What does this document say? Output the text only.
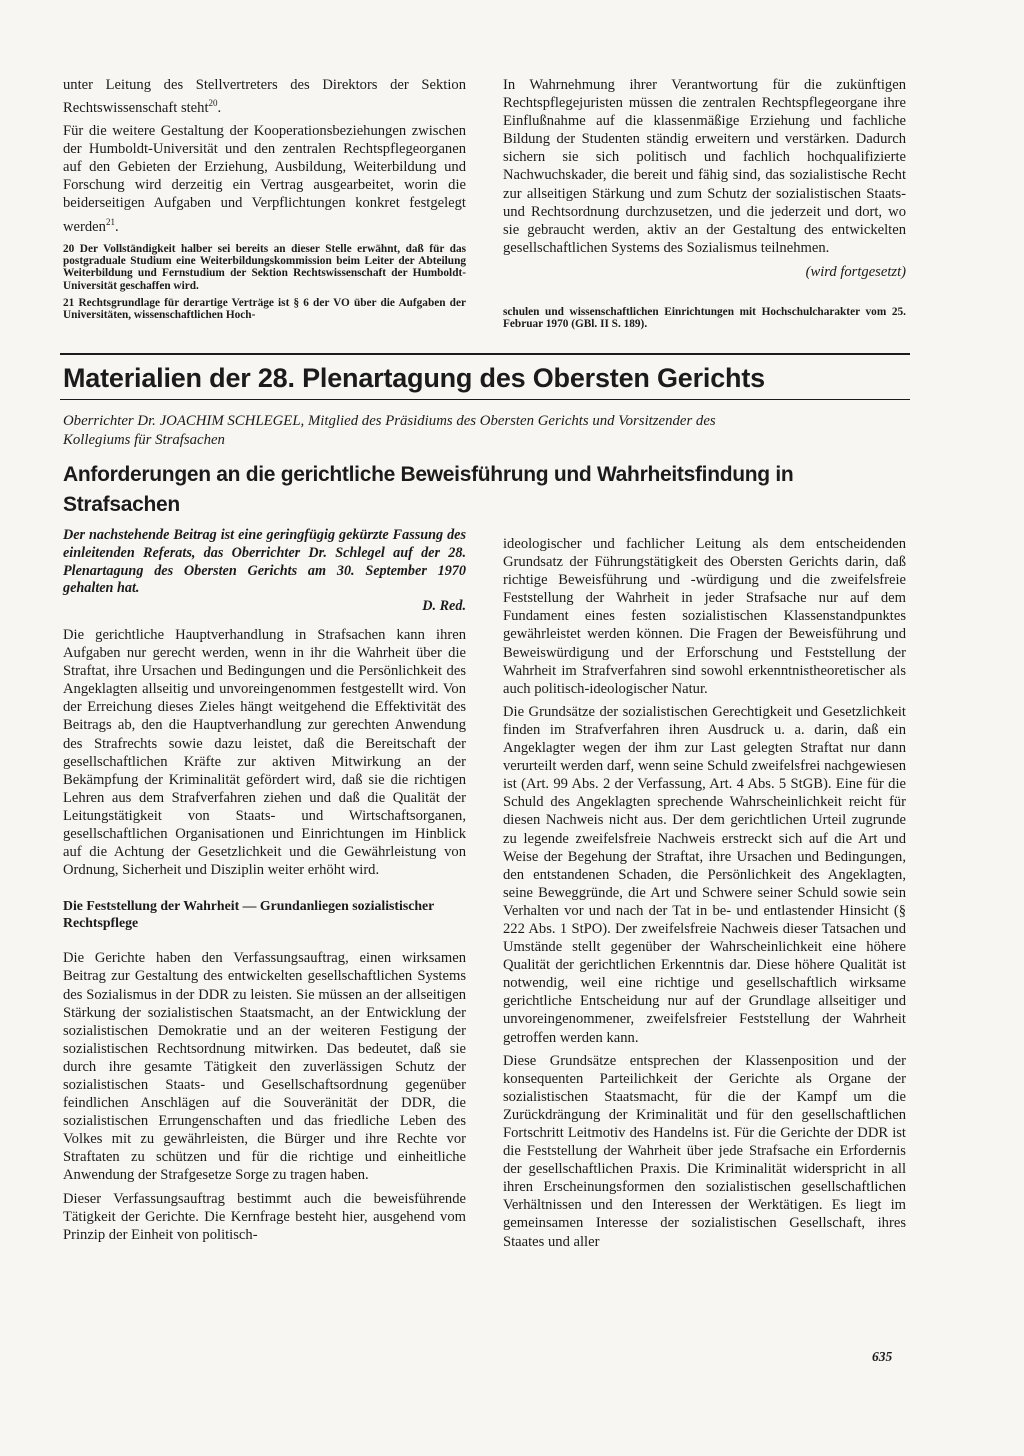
unter Leitung des Stellvertreters des Direktors der Sektion Rechtswissenschaft steht$^{20}$.

Für die weitere Gestaltung der Kooperationsbeziehungen zwischen der Humboldt-Universität und den zentralen Rechtspflegeorganen auf den Gebieten der Erziehung, Ausbildung, Weiterbildung und Forschung wird derzeitig ein Vertrag ausgearbeitet, worin die beiderseitigen Aufgaben und Verpflichtungen konkret festgelegt werden$^{21}$.

20 Der Vollständigkeit halber sei bereits an dieser Stelle erwähnt, daß für das postgraduale Studium eine Weiterbildungskommission beim Leiter der Abteilung Weiterbildung und Fernstudium der Sektion Rechtswissenschaft der Humboldt-Universität geschaffen wird.

21 Rechtsgrundlage für derartige Verträge ist § 6 der VO über die Aufgaben der Universitäten, wissenschaftlichen Hoch-

In Wahrnehmung ihrer Verantwortung für die zukünftigen Rechtspflegejuristen müssen die zentralen Rechtspflegeorgane ihre Einflußnahme auf die klassenmäßige Erziehung und fachliche Bildung der Studenten ständig erweitern und verstärken. Dadurch sichern sie sich politisch und fachlich hochqualifizierte Nachwuchskader, die bereit und fähig sind, das sozialistische Recht zur allseitigen Stärkung und zum Schutz der sozialistischen Staats- und Rechtsordnung durchzusetzen, und die jederzeit und dort, wo sie gebraucht werden, aktiv an der Gestaltung des entwickelten gesellschaftlichen Systems des Sozialismus teilnehmen.

(wird fortgesetzt)

schulen und wissenschaftlichen Einrichtungen mit Hochschulcharakter vom 25. Februar 1970 (GBl. II S. 189).

Materialien der 28. Plenartagung des Obersten Gerichts
Oberrichter Dr. JOACHIM SCHLEGEL, Mitglied des Präsidiums des Obersten Gerichts und Vorsitzender des Kollegiums für Strafsachen
Anforderungen an die gerichtliche Beweisführung und Wahrheitsfindung in Strafsachen
Der nachstehende Beitrag ist eine geringfügig gekürzte Fassung des einleitenden Referats, das Oberrichter Dr. Schlegel auf der 28. Plenartagung des Obersten Gerichts am 30. September 1970 gehalten hat.
D. Red.

Die gerichtliche Hauptverhandlung in Strafsachen kann ihren Aufgaben nur gerecht werden, wenn in ihr die Wahrheit über die Straftat, ihre Ursachen und Bedingungen und die Persönlichkeit des Angeklagten allseitig und unvoreingenommen festgestellt wird. Von der Erreichung dieses Zieles hängt weitgehend die Effektivität des Beitrags ab, den die Hauptverhandlung zur gerechten Anwendung des Strafrechts sowie dazu leistet, daß die Bereitschaft der gesellschaftlichen Kräfte zur aktiven Mitwirkung an der Bekämpfung der Kriminalität gefördert wird, daß sie die richtigen Lehren aus dem Strafverfahren ziehen und daß die Qualität der Leitungstätigkeit von Staats- und Wirtschaftsorganen, gesellschaftlichen Organisationen und Einrichtungen im Hinblick auf die Achtung der Gesetzlichkeit und die Gewährleistung von Ordnung, Sicherheit und Disziplin weiter erhöht wird.

Die Feststellung der Wahrheit — Grundanliegen sozialistischer Rechtspflege

Die Gerichte haben den Verfassungsauftrag, einen wirksamen Beitrag zur Gestaltung des entwickelten gesellschaftlichen Systems des Sozialismus in der DDR zu leisten. Sie müssen an der allseitigen Stärkung der sozialistischen Staatsmacht, an der Entwicklung der sozialistischen Demokratie und an der weiteren Festigung der sozialistischen Rechtsordnung mitwirken. Das bedeutet, daß sie durch ihre gesamte Tätigkeit den zuverlässigen Schutz der sozialistischen Staats- und Gesellschaftsordnung gegenüber feindlichen Anschlägen auf die Souveränität der DDR, die sozialistischen Errungenschaften und das friedliche Leben des Volkes mit zu gewährleisten, die Bürger und ihre Rechte vor Straftaten zu schützen und für die richtige und einheitliche Anwendung der Strafgesetze Sorge zu tragen haben.

Dieser Verfassungsauftrag bestimmt auch die beweisführende Tätigkeit der Gerichte. Die Kernfrage besteht hier, ausgehend vom Prinzip der Einheit von politisch-

ideologischer und fachlicher Leitung als dem entscheidenden Grundsatz der Führungstätigkeit des Obersten Gerichts darin, daß richtige Beweisführung und -würdigung und die zweifelsfreie Feststellung der Wahrheit in jeder Strafsache nur auf dem Fundament eines festen sozialistischen Klassenstandpunktes gewährleistet werden können. Die Fragen der Beweisführung und Beweiswürdigung und der Erforschung und Feststellung der Wahrheit im Strafverfahren sind sowohl erkenntnistheoretischer als auch politisch-ideologischer Natur.

Die Grundsätze der sozialistischen Gerechtigkeit und Gesetzlichkeit finden im Strafverfahren ihren Ausdruck u. a. darin, daß ein Angeklagter wegen der ihm zur Last gelegten Straftat nur dann verurteilt werden darf, wenn seine Schuld zweifelsfrei nachgewiesen ist (Art. 99 Abs. 2 der Verfassung, Art. 4 Abs. 5 StGB). Eine für die Schuld des Angeklagten sprechende Wahrscheinlichkeit reicht für diesen Nachweis nicht aus. Der dem gerichtlichen Urteil zugrunde zu legende zweifelsfreie Nachweis erstreckt sich auf die Art und Weise der Begehung der Straftat, ihre Ursachen und Bedingungen, den entstandenen Schaden, die Persönlichkeit des Angeklagten, seine Beweggründe, die Art und Schwere seiner Schuld sowie sein Verhalten vor und nach der Tat in be- und entlastender Hinsicht (§ 222 Abs. 1 StPO). Der zweifelsfreie Nachweis dieser Tatsachen und Umstände stellt gegenüber der Wahrscheinlichkeit eine höhere Qualität der gerichtlichen Erkenntnis dar. Diese höhere Qualität ist notwendig, weil eine richtige und gesellschaftlich wirksame gerichtliche Entscheidung nur auf der Grundlage allseitiger und unvoreingenommener, zweifelsfreier Feststellung der Wahrheit getroffen werden kann.

Diese Grundsätze entsprechen der Klassenposition und der konsequenten Parteilichkeit der Gerichte als Organe der sozialistischen Staatsmacht, für die der Kampf um die Zurückdrängung der Kriminalität und für den gesellschaftlichen Fortschritt Leitmotiv des Handelns ist. Für die Gerichte der DDR ist die Feststellung der Wahrheit über jede Strafsache ein Erfordernis der gesellschaftlichen Praxis. Die Kriminalität widerspricht in all ihren Erscheinungsformen den sozialistischen gesellschaftlichen Verhältnissen und den Interessen der Werktätigen. Es liegt im gemeinsamen Interesse der sozialistischen Gesellschaft, ihres Staates und aller

635
